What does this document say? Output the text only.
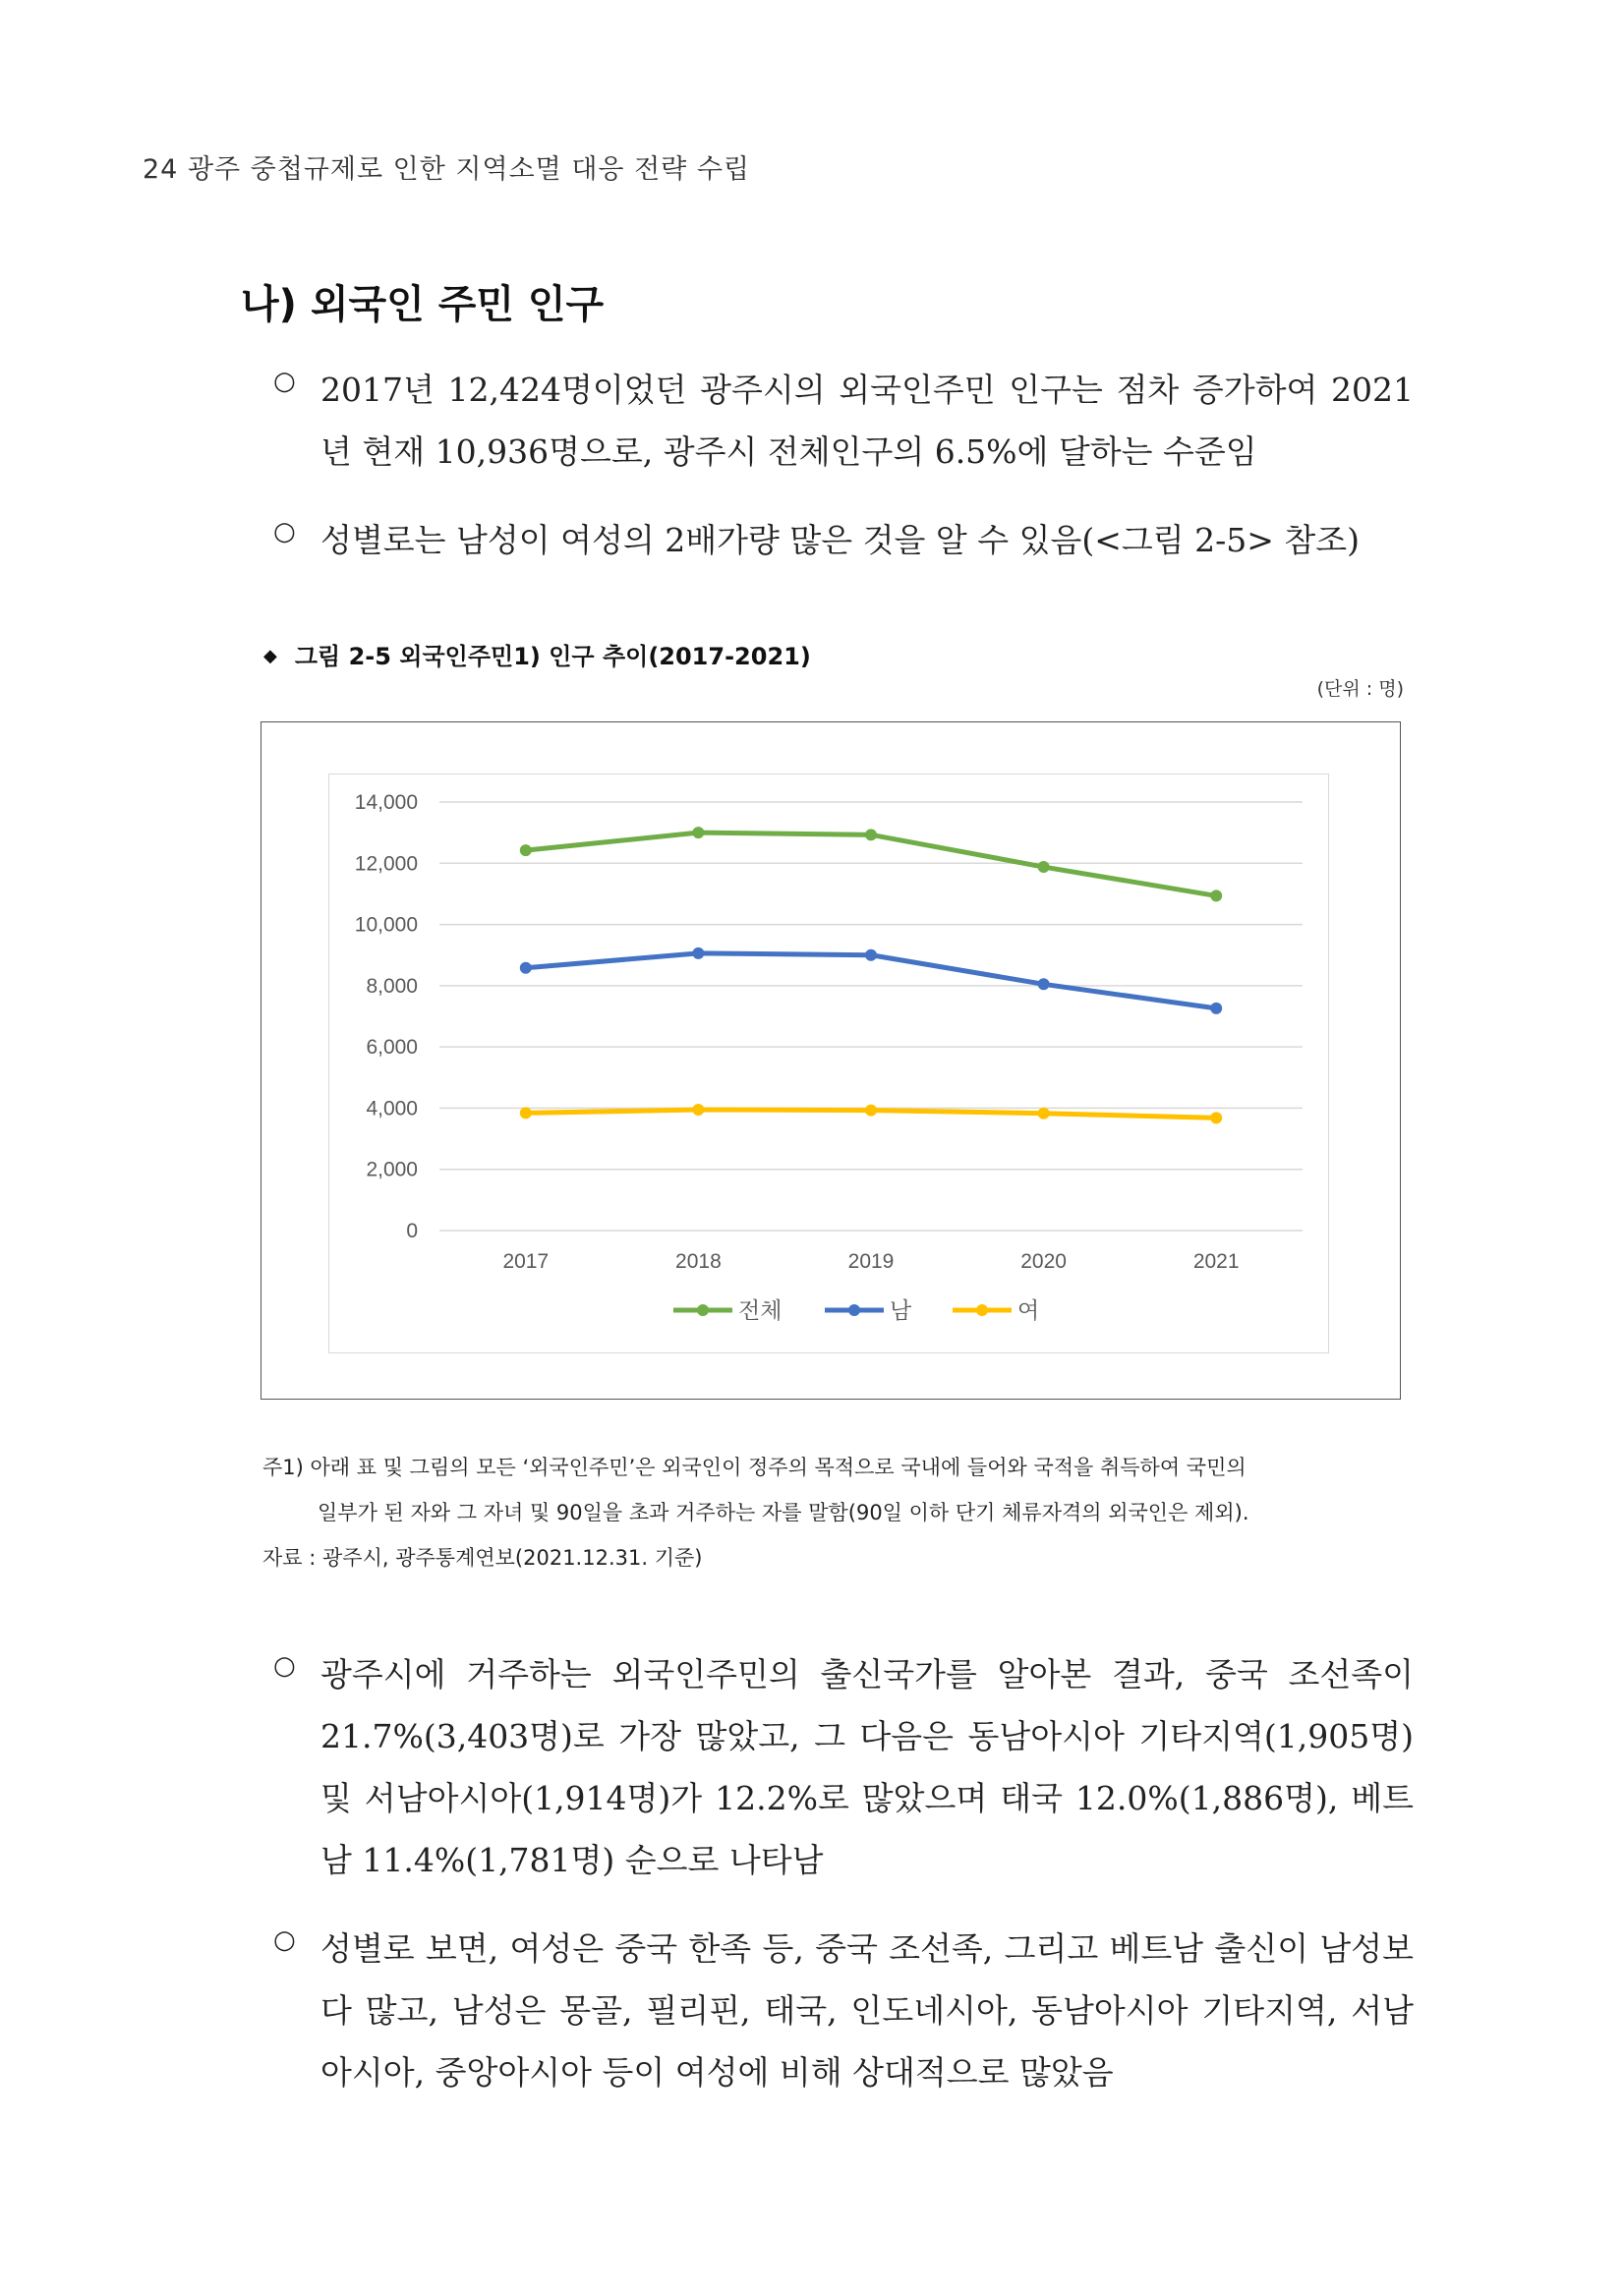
24 광주 중첩규제로 인한 지역소멸 대응 전략 수립
나) 외국인 주민 인구
○ 2017년 12,424명이었던 광주시의 외국인주민 인구는 점차 증가하여 2021년 현재 10,936명으로, 광주시 전체인구의 6.5%에 달하는 수준임
○ 성별로는 남성이 여성의 2배가량 많은 것을 알 수 있음(<그림 2-5> 참조)
◆ 그림 2-5 외국인주민1) 인구 추이(2017-2021)
(단위 : 명)
0
2,000
4,000
6,000
8,000
10,000
12,000
14,000
2017	2018	2019	2020	2021
전체	남	여
주1) 아래 표 및 그림의 모든 ‘외국인주민’은 외국인이 정주의 목적으로 국내에 들어와 국적을 취득하여 국민의
일부가 된 자와 그 자녀 및 90일을 초과 거주하는 자를 말함(90일 이하 단기 체류자격의 외국인은 제외).
자료 : 광주시, 광주통계연보(2021.12.31. 기준)
○ 광주시에 거주하는 외국인주민의 출신국가를 알아본 결과, 중국 조선족이 21.7%(3,403명)로 가장 많았고, 그 다음은 동남아시아 기타지역(1,905명) 및 서남아시아(1,914명)가 12.2%로 많았으며 태국 12.0%(1,886명), 베트남 11.4%(1,781명) 순으로 나타남
○ 성별로 보면, 여성은 중국 한족 등, 중국 조선족, 그리고 베트남 출신이 남성보다 많고, 남성은 몽골, 필리핀, 태국, 인도네시아, 동남아시아 기타지역, 서남아시아, 중앙아시아 등이 여성에 비해 상대적으로 많았음
